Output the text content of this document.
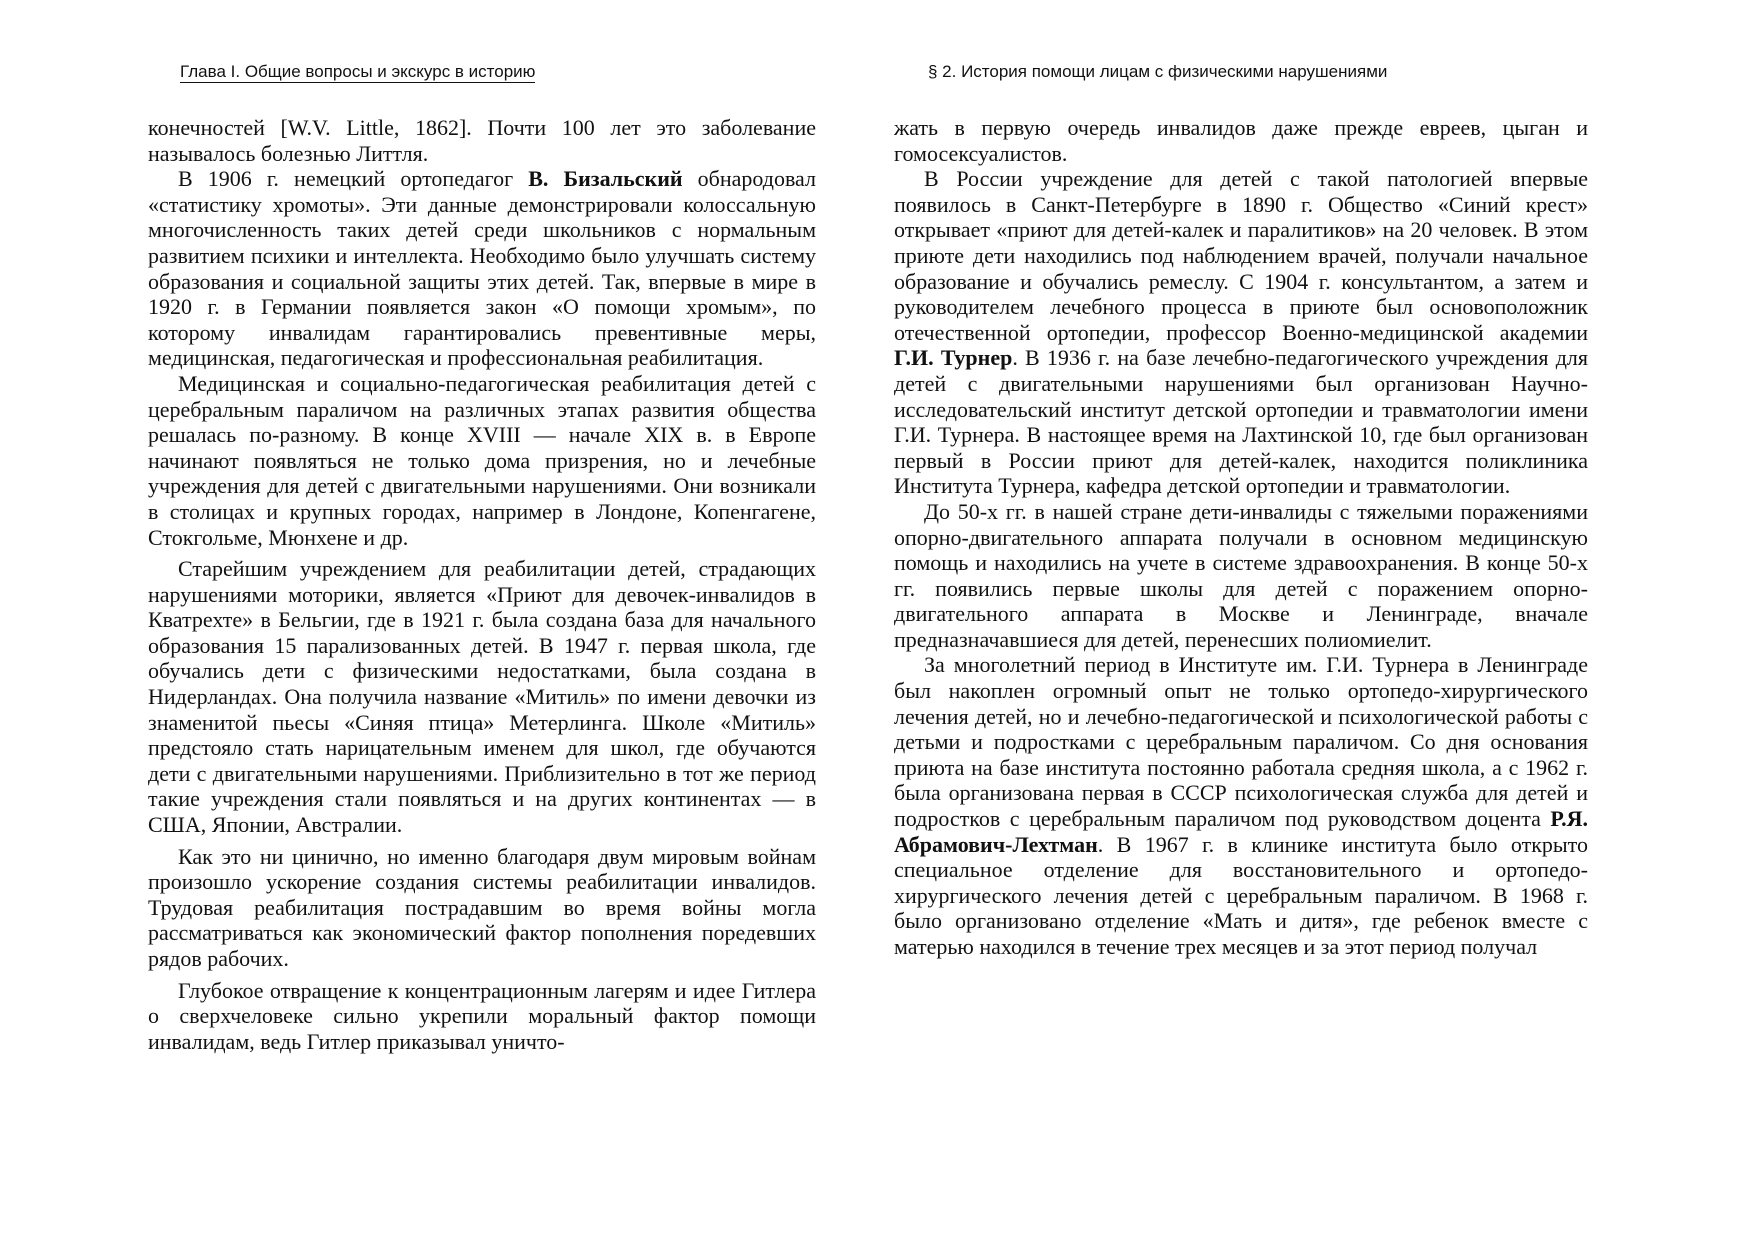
Глава I. Общие вопросы и экскурс в историю

конечностей [W.V. Little, 1862]. Почти 100 лет это заболевание называлось болезнью Литтля.

В 1906 г. немецкий ортопедагог В. Бизальский обнародовал «статистику хромоты». Эти данные демонстрировали колоссальную многочисленность таких детей среди школьников с нормальным развитием психики и интеллекта. Необходимо было улучшать систему образования и социальной защиты этих детей. Так, впервые в мире в 1920 г. в Германии появляется закон «О помощи хромым», по которому инвалидам гарантировались превентивные меры, медицинская, педагогическая и профессиональная реабилитация.

Медицинская и социально-педагогическая реабилитация детей с церебральным параличом на различных этапах развития общества решалась по-разному. В конце XVIII — начале XIX в. в Европе начинают появляться не только дома призрения, но и лечебные учреждения для детей с двигательными нарушениями. Они возникали в столицах и крупных городах, например в Лондоне, Копенгагене, Стокгольме, Мюнхене и др.

Старейшим учреждением для реабилитации детей, страдающих нарушениями моторики, является «Приют для девочек-инвалидов в Кватрехте» в Бельгии, где в 1921 г. была создана база для начального образования 15 парализованных детей. В 1947 г. первая школа, где обучались дети с физическими недостатками, была создана в Нидерландах. Она получила название «Митиль» по имени девочки из знаменитой пьесы «Синяя птица» Метерлинга. Школе «Митиль» предстояло стать нарицательным именем для школ, где обучаются дети с двигательными нарушениями. Приблизительно в тот же период такие учреждения стали появляться и на других континентах — в США, Японии, Австралии.

Как это ни цинично, но именно благодаря двум мировым войнам произошло ускорение создания системы реабилитации инвалидов. Трудовая реабилитация пострадавшим во время войны могла рассматриваться как экономический фактор пополнения поредевших рядов рабочих.

Глубокое отвращение к концентрационным лагерям и идее Гитлера о сверхчеловеке сильно укрепили моральный фактор помощи инвалидам, ведь Гитлер приказывал уничто-

§ 2. История помощи лицам с физическими нарушениями

жать в первую очередь инвалидов даже прежде евреев, цыган и гомосексуалистов.

В России учреждение для детей с такой патологией впервые появилось в Санкт-Петербурге в 1890 г. Общество «Синий крест» открывает «приют для детей-калек и паралитиков» на 20 человек. В этом приюте дети находились под наблюдением врачей, получали начальное образование и обучались ремеслу. С 1904 г. консультантом, а затем и руководителем лечебного процесса в приюте был основоположник отечественной ортопедии, профессор Военно-медицинской академии Г.И. Турнер. В 1936 г. на базе лечебно-педагогического учреждения для детей с двигательными нарушениями был организован Научно-исследовательский институт детской ортопедии и травматологии имени Г.И. Турнера. В настоящее время на Лахтинской 10, где был организован первый в России приют для детей-калек, находится поликлиника Института Турнера, кафедра детской ортопедии и травматологии.

До 50-х гг. в нашей стране дети-инвалиды с тяжелыми поражениями опорно-двигательного аппарата получали в основном медицинскую помощь и находились на учете в системе здравоохранения. В конце 50-х гг. появились первые школы для детей с поражением опорно-двигательного аппарата в Москве и Ленинграде, вначале предназначавшиеся для детей, перенесших полиомиелит.

За многолетний период в Институте им. Г.И. Турнера в Ленинграде был накоплен огромный опыт не только ортопедо-хирургического лечения детей, но и лечебно-педагогической и психологической работы с детьми и подростками с церебральным параличом. Со дня основания приюта на базе института постоянно работала средняя школа, а с 1962 г. была организована первая в СССР психологическая служба для детей и подростков с церебральным параличом под руководством доцента Р.Я. Абрамович-Лехтман. В 1967 г. в клинике института было открыто специальное отделение для восстановительного и ортопедо-хирургического лечения детей с церебральным параличом. В 1968 г. было организовано отделение «Мать и дитя», где ребенок вместе с матерью находился в течение трех месяцев и за этот период получал
